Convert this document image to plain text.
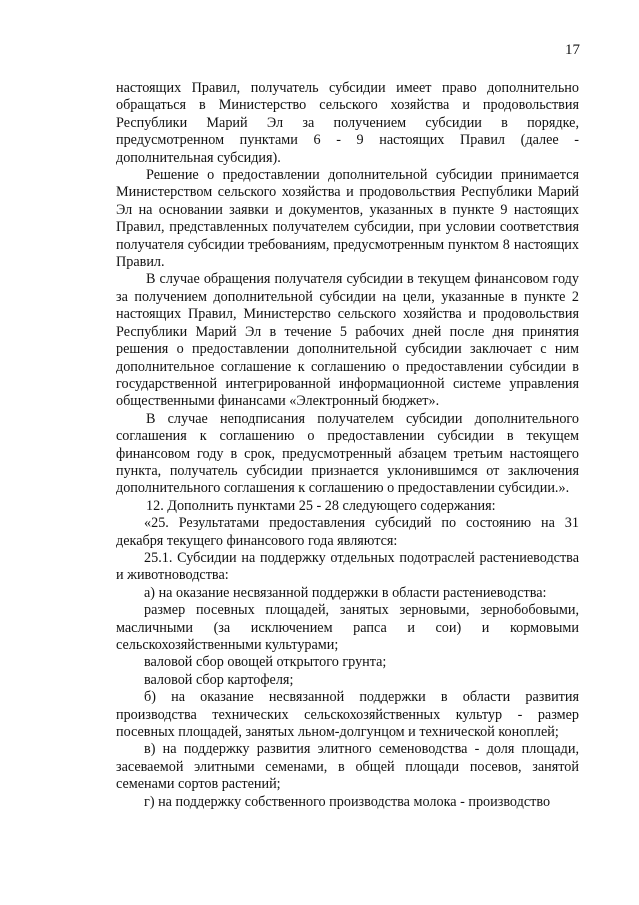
17

настоящих Правил, получатель субсидии имеет право дополнительно обращаться в Министерство сельского хозяйства и продовольствия Республики Марий Эл за получением субсидии в порядке, предусмотренном пунктами 6 - 9 настоящих Правил (далее - дополнительная субсидия).

Решение о предоставлении дополнительной субсидии принимается Министерством сельского хозяйства и продовольствия Республики Марий Эл на основании заявки и документов, указанных в пункте 9 настоящих Правил, представленных получателем субсидии, при условии соответствия получателя субсидии требованиям, предусмотренным пунктом 8 настоящих Правил.

В случае обращения получателя субсидии в текущем финансовом году за получением дополнительной субсидии на цели, указанные в пункте 2 настоящих Правил, Министерство сельского хозяйства и продовольствия Республики Марий Эл в течение 5 рабочих дней после дня принятия решения о предоставлении дополнительной субсидии заключает с ним дополнительное соглашение к соглашению о предоставлении субсидии в государственной интегрированной информационной системе управления общественными финансами «Электронный бюджет».

В случае неподписания получателем субсидии дополнительного соглашения к соглашению о предоставлении субсидии в текущем финансовом году в срок, предусмотренный абзацем третьим настоящего пункта, получатель субсидии признается уклонившимся от заключения дополнительного соглашения к соглашению о предоставлении субсидии.».

12. Дополнить пунктами 25 - 28 следующего содержания:

«25. Результатами предоставления субсидий по состоянию на 31 декабря текущего финансового года являются:

25.1. Субсидии на поддержку отдельных подотраслей растениеводства и животноводства:

а) на оказание несвязанной поддержки в области растениеводства:

размер посевных площадей, занятых зерновыми, зернобобовыми, масличными (за исключением рапса и сои) и кормовыми сельскохозяйственными культурами;

валовой сбор овощей открытого грунта;

валовой сбор картофеля;

б) на оказание несвязанной поддержки в области развития производства технических сельскохозяйственных культур - размер посевных площадей, занятых льном-долгунцом и технической коноплей;

в) на поддержку развития элитного семеноводства - доля площади, засеваемой элитными семенами, в общей площади посевов, занятой семенами сортов растений;

г) на поддержку собственного производства молока - производство
